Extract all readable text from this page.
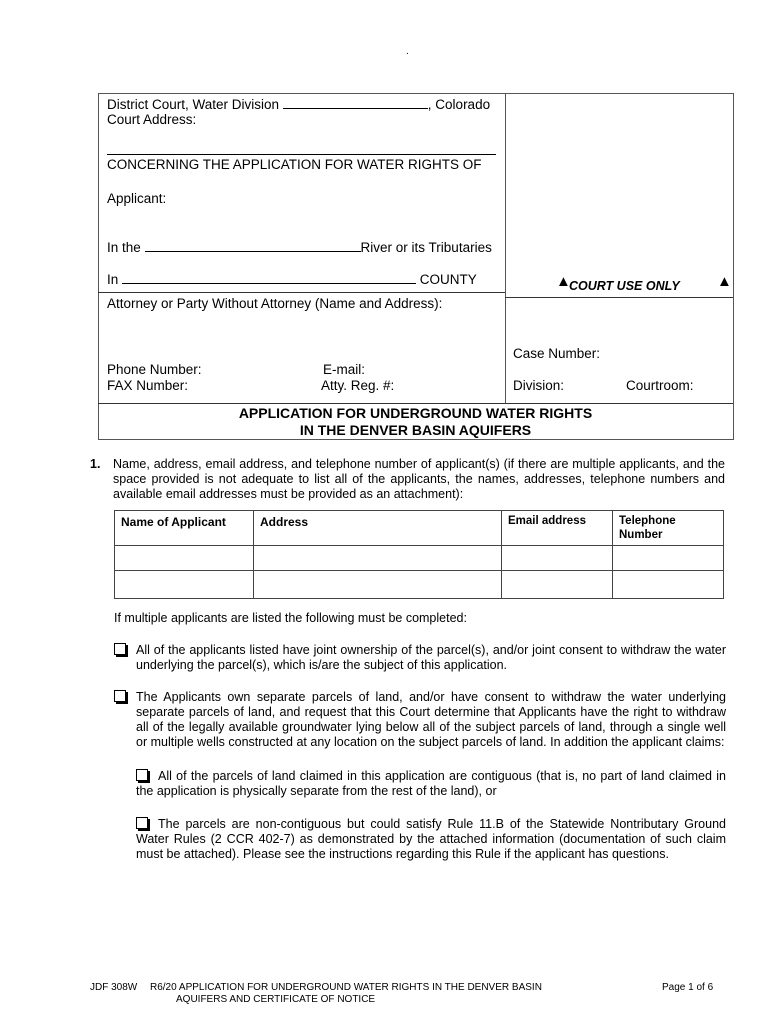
.
District Court, Water Division	, Colorado
Court Address:
CONCERNING THE APPLICATION FOR WATER RIGHTS OF
Applicant:
In the	River or its Tributaries
In	COUNTY
Attorney or Party Without Attorney (Name and Address):
Phone Number:	E-mail:
FAX Number:	Atty. Reg. #:
▲
COURT USE ONLY ▲
Case Number:
Division:	Courtroom:
APPLICATION FOR UNDERGROUND WATER RIGHTS
IN THE DENVER BASIN AQUIFERS
1. Name, address, email address, and telephone number of applicant(s) (if there are multiple applicants, and the space provided is not adequate to list all of the applicants, the names, addresses, telephone numbers and available email addresses must be provided as an attachment):
Name of Applicant	Address	Email address	Telephone Number

If multiple applicants are listed the following must be completed:
All of the applicants listed have joint ownership of the parcel(s), and/or joint consent to withdraw the water underlying the parcel(s), which is/are the subject of this application.
The Applicants own separate parcels of land, and/or have consent to withdraw the water underlying separate parcels of land, and request that this Court determine that Applicants have the right to withdraw all of the legally available groundwater lying below all of the subject parcels of land, through a single well or multiple wells constructed at any location on the subject parcels of land. In addition the applicant claims:
All of the parcels of land claimed in this application are contiguous (that is, no part of land claimed in the application is physically separate from the rest of the land), or
The parcels are non-contiguous but could satisfy Rule 11.B of the Statewide Nontributary Ground Water Rules (2 CCR 402-7) as demonstrated by the attached information (documentation of such claim must be attached). Please see the instructions regarding this Rule if the applicant has questions.
JDF 308W R6/20 APPLICATION FOR UNDERGROUND WATER RIGHTS IN THE DENVER BASIN
AQUIFERS AND CERTIFICATE OF NOTICE
Page 1 of 6
